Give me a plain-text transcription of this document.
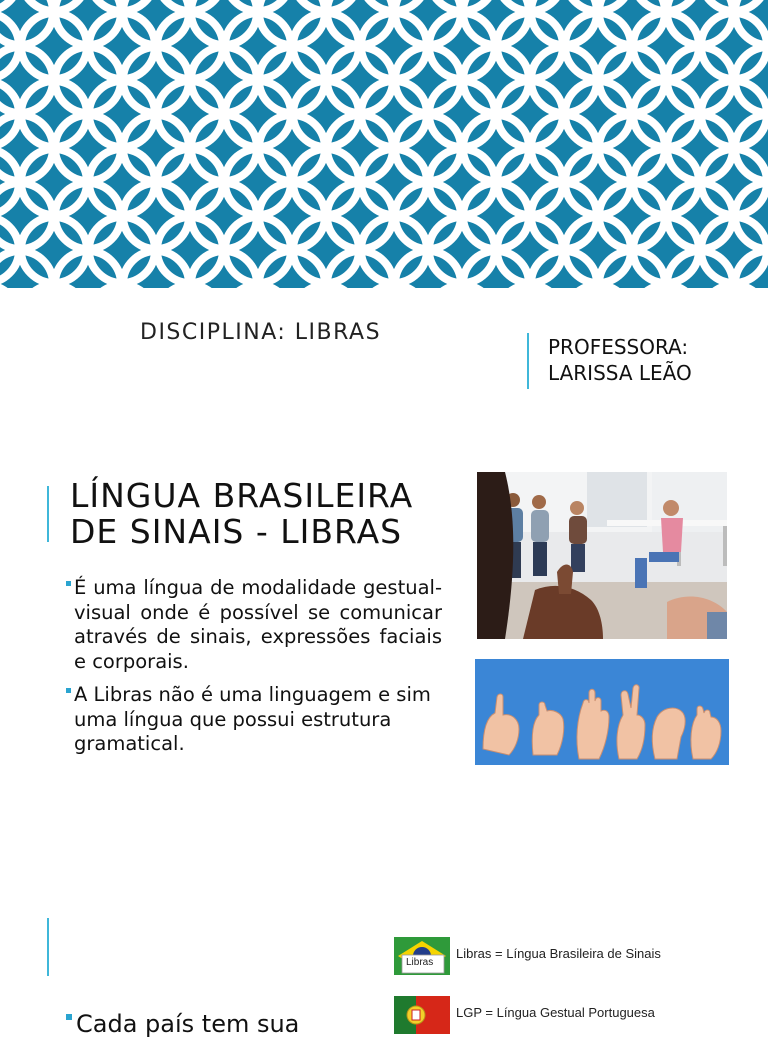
DISCIPLINA: LIBRAS
PROFESSORA:
LARISSA LEÃO
LÍNGUA BRASILEIRA
DE SINAIS - LIBRAS
É uma língua de modalidade gestual-visual onde é possível se comunicar através de sinais, expressões faciais e corporais.
A Libras não é uma linguagem e sim uma língua que possui estrutura gramatical.
Cada país tem sua
Libras
Libras = Língua Brasileira de Sinais
LGP = Língua Gestual Portuguesa
